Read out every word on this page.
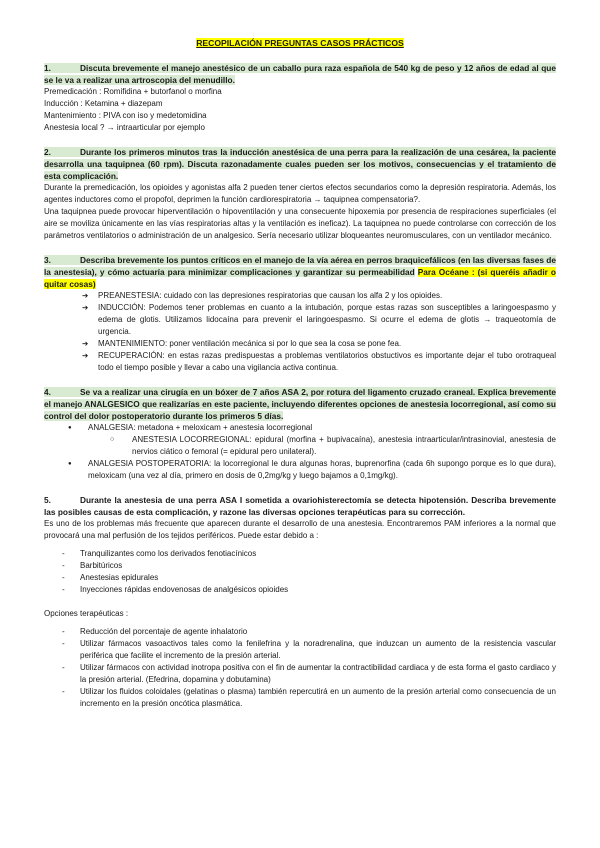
RECOPILACIÓN PREGUNTAS CASOS PRÁCTICOS
1.	Discuta brevemente el manejo anestésico de un caballo pura raza española de 540 kg de peso y 12 años de edad al que se le va a realizar una artroscopia del menudillo.

Premedicación : Romifidina + butorfanol o morfina

Inducción : Ketamina + diazepam

Mantenimiento : PIVA con iso y medetomidina

Anestesia local ? → intraarticular por ejemplo

2.	Durante los primeros minutos tras la inducción anestésica de una perra para la realización de una cesárea, la paciente desarrolla una taquipnea (60 rpm). Discuta razonadamente cuales pueden ser los motivos, consecuencias y el tratamiento de esta complicación.

Durante la premedicación, los opioides y agonistas alfa 2 pueden tener ciertos efectos secundarios como la depresión respiratoria. Además, los agentes inductores como el propofol, deprimen la función cardiorespiratoria → taquipnea compensatoria?.

Una taquipnea puede provocar hiperventilación o hipoventilación y una consecuente hipoxemia por presencia de respiraciones superficiales (el aire se moviliza únicamente en las vías respiratorias altas y la ventilación es ineficaz). La taquipnea no puede controlarse con corrección de los parámetros ventilatorios o administración de un analgesico. Sería necesario utilizar bloqueantes neuromusculares, con un ventilador mecánico.

3.	Describa brevemente los puntos críticos en el manejo de la vía aérea en perros braquicefálicos (en las diversas fases de la anestesia), y cómo actuaría para minimizar complicaciones y garantizar su permeabilidad Para Océane : (si queréis añadir o quitar cosas)
➔ PREANESTESIA: cuidado con las depresiones respiratorias que causan los alfa 2 y los opioides.
➔ INDUCCIÓN: Podemos tener problemas en cuanto a la intubación, porque estas razas son susceptibles a laringoespasmo y edema de glotis. Utilizamos lidocaína para prevenir el laringoespasmo. Si ocurre el edema de glotis → traqueotomía de urgencia.
➔ MANTENIMIENTO: poner ventilación mecánica si por lo que sea la cosa se pone fea.
➔ RECUPERACIÓN: en estas razas predispuestas a problemas ventilatorios obstuctivos es importante dejar el tubo orotraqueal todo el tiempo posible y llevar a cabo una vigilancia activa continua.
4.	Se va a realizar una cirugía en un bóxer de 7 años ASA 2, por rotura del ligamento cruzado craneal. Explica brevemente el manejo ANALGESICO que realizarías en este paciente, incluyendo diferentes opciones de anestesia locorregional, así como su control del dolor postoperatorio durante los primeros 5 días.
● ANALGESIA: metadona + meloxicam + anestesia locorregional
○ ANESTESIA LOCORREGIONAL: epidural (morfina + bupivacaína), anestesia intraarticular/intrasinovial, anestesia de nervios ciático o femoral (= epidural pero unilateral).
● ANALGESIA POSTOPERATORIA: la locorregional le dura algunas horas, buprenorfina (cada 6h supongo porque es lo que dura), meloxicam (una vez al día, primero en dosis de 0,2mg/kg y luego bajamos a 0,1mg/kg).
5.	Durante la anestesia de una perra ASA I sometida a ovariohisterectomía se detecta hipotensión. Describa brevemente las posibles causas de esta complicación, y razone las diversas opciones terapéuticas para su corrección.

Es uno de los problemas más frecuente que aparecen durante el desarrollo de una anestesia. Encontraremos PAM inferiores a la normal que provocará una mal perfusión de los tejidos periféricos. Puede estar debido a :

- Tranquilizantes como los derivados fenotiacínicos
- Barbitúricos
- Anestesias epidurales
- Inyecciones rápidas endovenosas de analgésicos opioides

Opciones terapéuticas :

- Reducción del porcentaje de agente inhalatorio
- Utilizar fármacos vasoactivos tales como la fenilefrina y la noradrenalina, que induzcan un aumento de la resistencia vascular periférica que facilite el incremento de la presión arterial.
- Utilizar fármacos con actividad inotropa positiva con el fin de aumentar la contractibilidad cardiaca y de esta forma el gasto cardiaco y la presión arterial. (Efedrina, dopamina y dobutamina)
- Utilizar los fluidos coloidales (gelatinas o plasma) también repercutirá en un aumento de la presión arterial como consecuencia de un incremento en la presión oncótica plasmática.
